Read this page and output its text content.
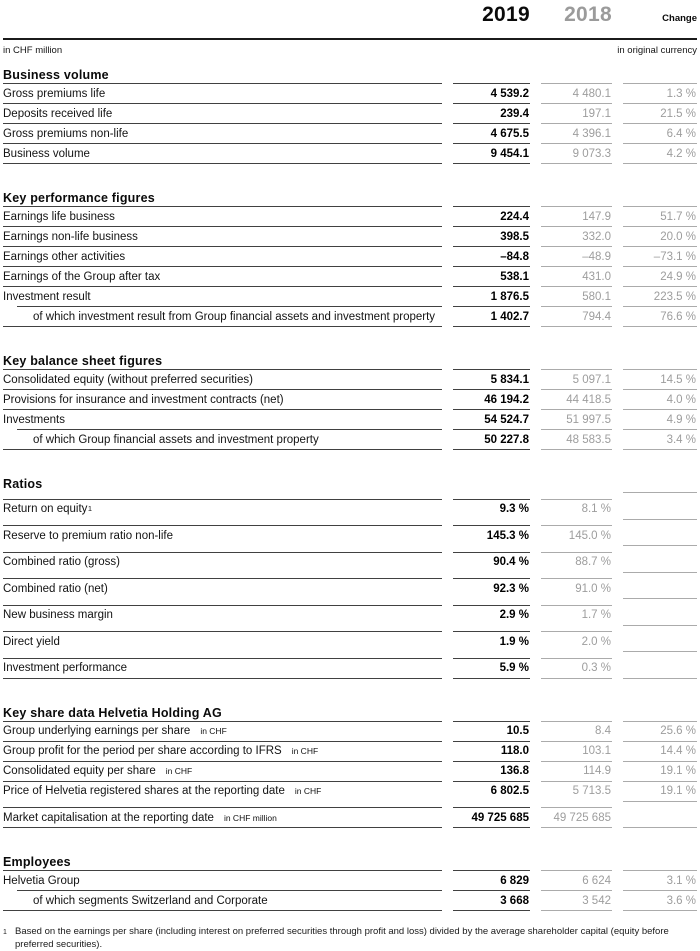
2019	2018	Change
in CHF million	in original currency
Business volume
Gross premiums life	4 539.2	4 480.1	1.3 %
Deposits received life	239.4	197.1	21.5 %
Gross premiums non-life	4 675.5	4 396.1	6.4 %
Business volume	9 454.1	9 073.3	4.2 %
Key performance figures
Earnings life business	224.4	147.9	51.7 %
Earnings non-life business	398.5	332.0	20.0 %
Earnings other activities	–84.8	–48.9	–73.1 %
Earnings of the Group after tax	538.1	431.0	24.9 %
Investment result	1 876.5	580.1	223.5 %
of which investment result from Group financial assets and investment property	1 402.7	794.4	76.6 %
Key balance sheet figures
Consolidated equity (without preferred securities)	5 834.1	5 097.1	14.5 %
Provisions for insurance and investment contracts (net)	46 194.2	44 418.5	4.0 %
Investments	54 524.7	51 997.5	4.9 %
of which Group financial assets and investment property	50 227.8	48 583.5	3.4 %
Ratios
Return on equity 1	9.3 %	8.1 %
Reserve to premium ratio non-life	145.3 %	145.0 %
Combined ratio (gross)	90.4 %	88.7 %
Combined ratio (net)	92.3 %	91.0 %
New business margin	2.9 %	1.7 %
Direct yield	1.9 %	2.0 %
Investment performance	5.9 %	0.3 %
Key share data Helvetia Holding AG
Group underlying earnings per share in CHF	10.5	8.4	25.6 %
Group profit for the period per share according to IFRS in CHF	118.0	103.1	14.4 %
Consolidated equity per share in CHF	136.8	114.9	19.1 %
Price of Helvetia registered shares at the reporting date in CHF	6 802.5	5 713.5	19.1 %
Market capitalisation at the reporting date in CHF million	49 725 685	49 725 685
Employees
Helvetia Group	6 829	6 624	3.1 %
of which segments Switzerland and Corporate	3 668	3 542	3.6 %
1 Based on the earnings per share (including interest on preferred securities through profit and loss) divided by the average shareholder capital (equity before preferred securities).
